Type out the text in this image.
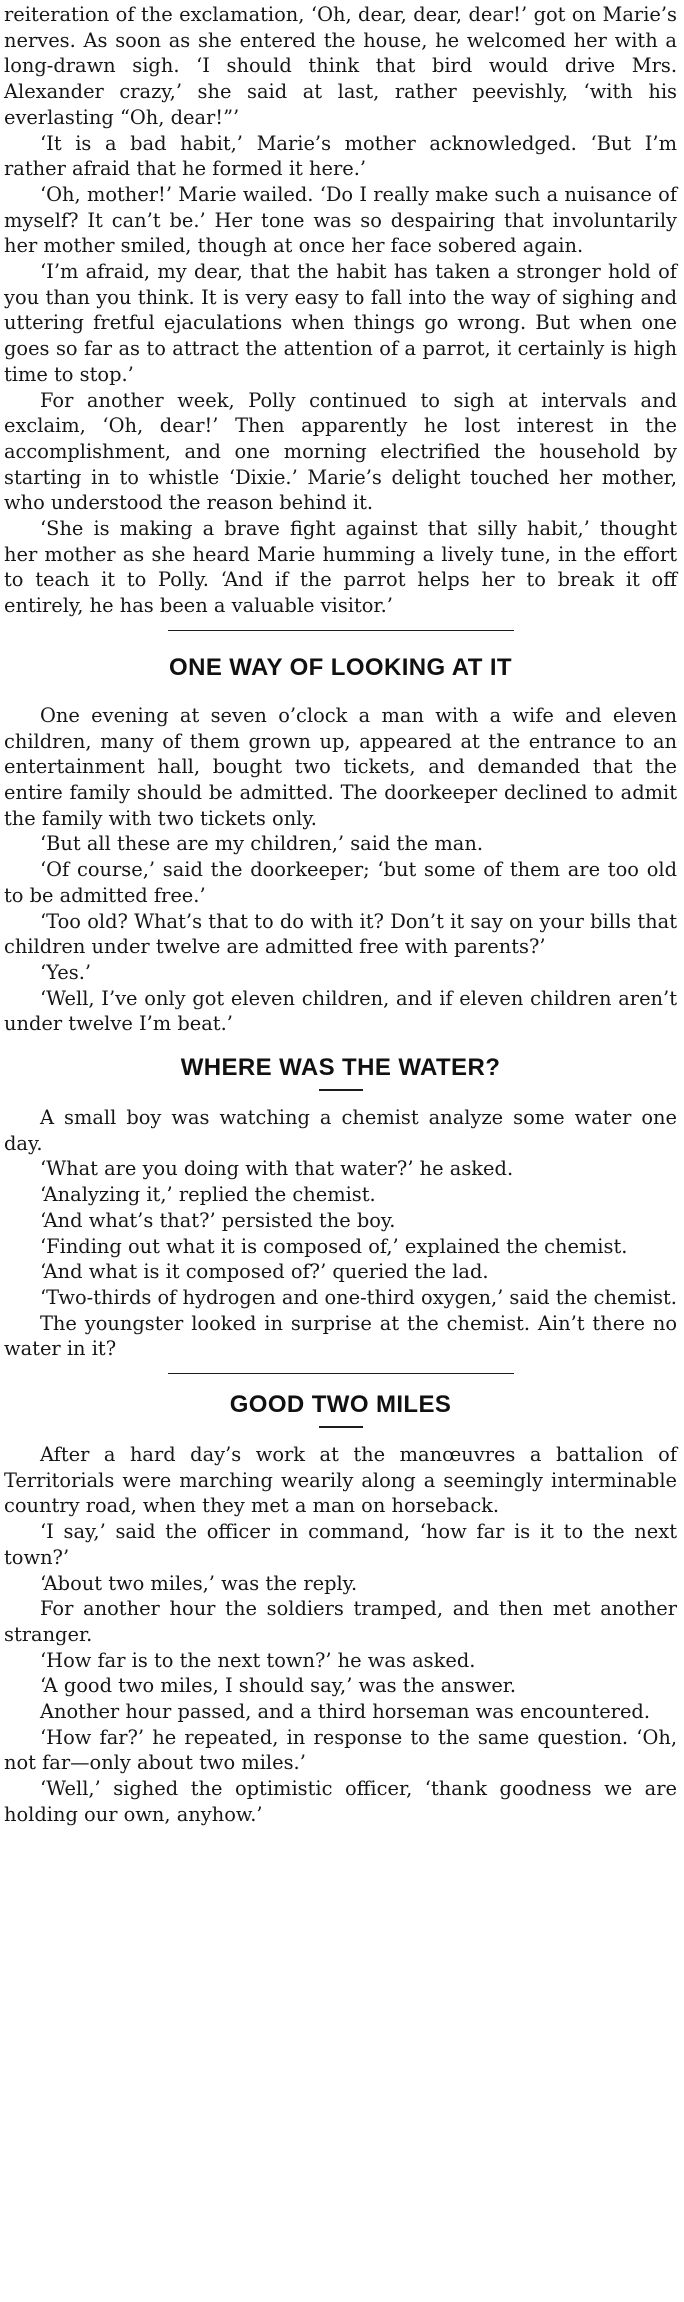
reiteration of the exclamation, ‘Oh, dear, dear, dear!’ got on Marie’s nerves. As soon as she entered the house, he welcomed her with a long-drawn sigh. ‘I should think that bird would drive Mrs. Alexander crazy,’ she said at last, rather peevishly, ‘with his everlasting “Oh, dear!”’

‘It is a bad habit,’ Marie’s mother acknowledged. ‘But I’m rather afraid that he formed it here.’

‘Oh, mother!’ Marie wailed. ‘Do I really make such a nuisance of myself? It can’t be.’ Her tone was so despairing that involuntarily her mother smiled, though at once her face sobered again.

‘I’m afraid, my dear, that the habit has taken a stronger hold of you than you think. It is very easy to fall into the way of sighing and uttering fretful ejaculations when things go wrong. But when one goes so far as to attract the attention of a parrot, it certainly is high time to stop.’

For another week, Polly continued to sigh at intervals and exclaim, ‘Oh, dear!’ Then apparently he lost interest in the accomplishment, and one morning electrified the household by starting in to whistle ‘Dixie.’ Marie’s delight touched her mother, who understood the reason behind it.

‘She is making a brave fight against that silly habit,’ thought her mother as she heard Marie humming a lively tune, in the effort to teach it to Polly. ‘And if the parrot helps her to break it off entirely, he has been a valuable visitor.’

ONE WAY OF LOOKING AT IT

One evening at seven o’clock a man with a wife and eleven children, many of them grown up, appeared at the entrance to an entertainment hall, bought two tickets, and demanded that the entire family should be admitted. The doorkeeper declined to admit the family with two tickets only.

‘But all these are my children,’ said the man.

‘Of course,’ said the doorkeeper; ‘but some of them are too old to be admitted free.’

‘Too old? What’s that to do with it? Don’t it say on your bills that children under twelve are admitted free with parents?’

‘Yes.’

‘Well, I’ve only got eleven children, and if eleven children aren’t under twelve I’m beat.’

WHERE WAS THE WATER?

A small boy was watching a chemist analyze some water one day.

‘What are you doing with that water?’ he asked.

‘Analyzing it,’ replied the chemist.

‘And what’s that?’ persisted the boy.

‘Finding out what it is composed of,’ explained the chemist.

‘And what is it composed of?’ queried the lad.

‘Two-thirds of hydrogen and one-third oxygen,’ said the chemist.

The youngster looked in surprise at the chemist. Ain’t there no water in it?

GOOD TWO MILES

After a hard day’s work at the manœuvres a battalion of Territorials were marching wearily along a seemingly interminable country road, when they met a man on horseback.

‘I say,’ said the officer in command, ‘how far is it to the next town?’

‘About two miles,’ was the reply.

For another hour the soldiers tramped, and then met another stranger.

‘How far is to the next town?’ he was asked.

‘A good two miles, I should say,’ was the answer.

Another hour passed, and a third horseman was encountered.

‘How far?’ he repeated, in response to the same question. ‘Oh, not far—only about two miles.’

‘Well,’ sighed the optimistic officer, ‘thank goodness we are holding our own, anyhow.’
